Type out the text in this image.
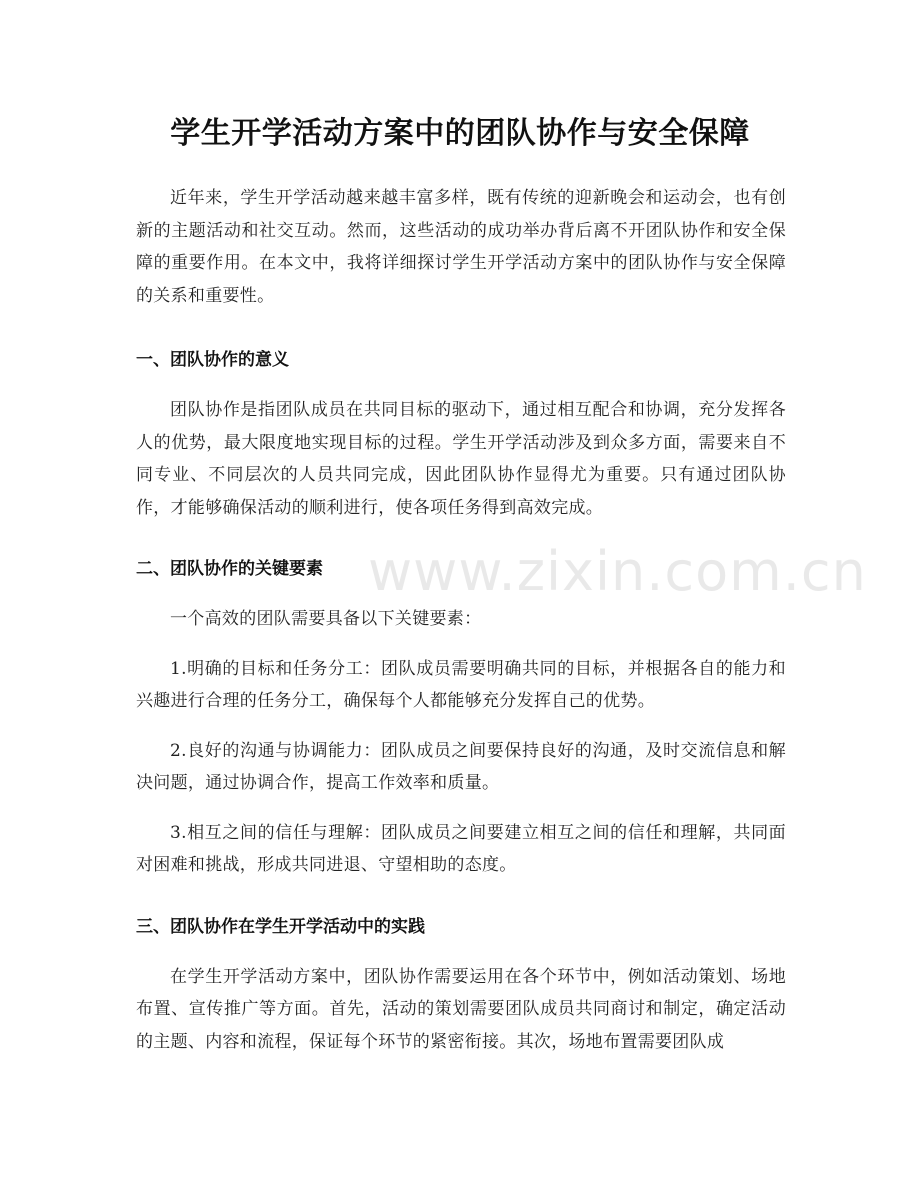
学生开学活动方案中的团队协作与安全保障
www.zixin.com.cn

近年来，学生开学活动越来越丰富多样，既有传统的迎新晚会和运动会，也有创新的主题活动和社交互动。然而，这些活动的成功举办背后离不开团队协作和安全保障的重要作用。在本文中，我将详细探讨学生开学活动方案中的团队协作与安全保障的关系和重要性。

一、团队协作的意义

团队协作是指团队成员在共同目标的驱动下，通过相互配合和协调，充分发挥各人的优势，最大限度地实现目标的过程。学生开学活动涉及到众多方面，需要来自不同专业、不同层次的人员共同完成，因此团队协作显得尤为重要。只有通过团队协作，才能够确保活动的顺利进行，使各项任务得到高效完成。

二、团队协作的关键要素

一个高效的团队需要具备以下关键要素：

1.明确的目标和任务分工：团队成员需要明确共同的目标，并根据各自的能力和兴趣进行合理的任务分工，确保每个人都能够充分发挥自己的优势。

2.良好的沟通与协调能力：团队成员之间要保持良好的沟通，及时交流信息和解决问题，通过协调合作，提高工作效率和质量。

3.相互之间的信任与理解：团队成员之间要建立相互之间的信任和理解，共同面对困难和挑战，形成共同进退、守望相助的态度。

三、团队协作在学生开学活动中的实践

在学生开学活动方案中，团队协作需要运用在各个环节中，例如活动策划、场地布置、宣传推广等方面。首先，活动的策划需要团队成员共同商讨和制定，确定活动的主题、内容和流程，保证每个环节的紧密衔接。其次，场地布置需要团队成
